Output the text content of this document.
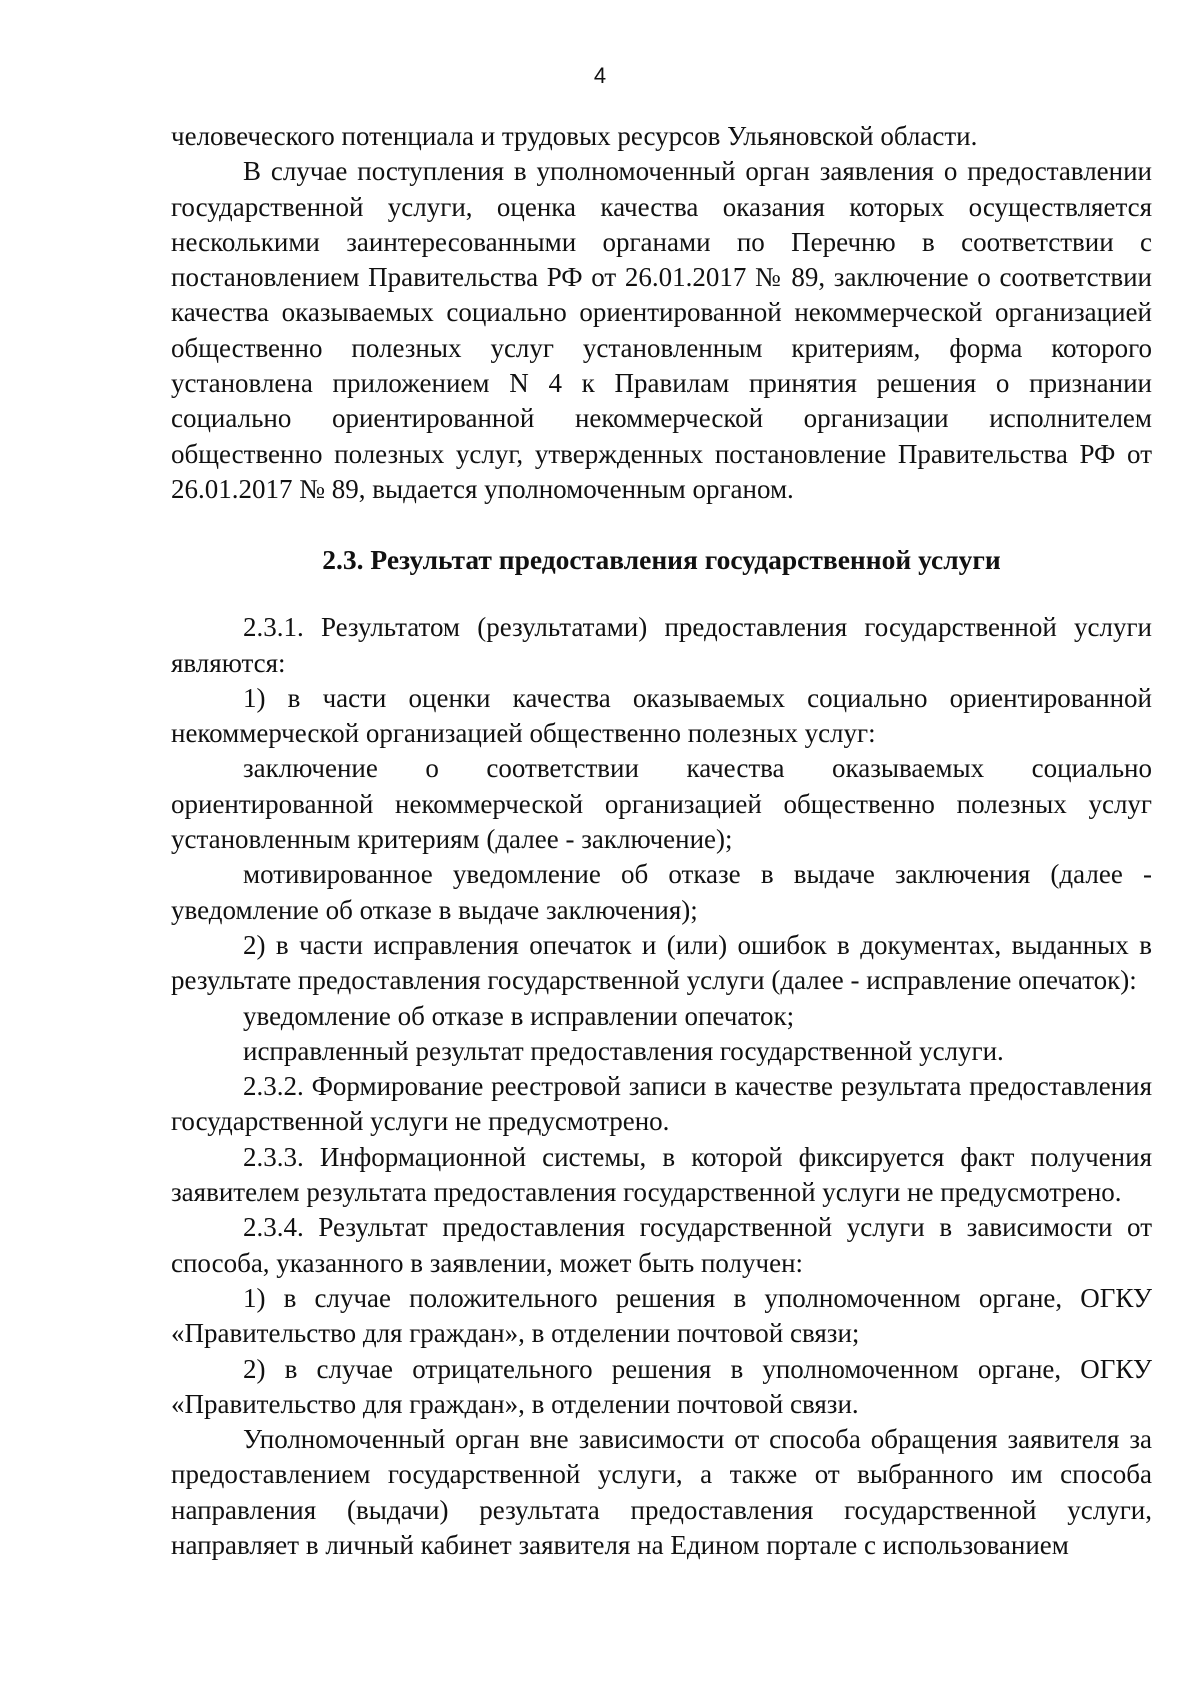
4

человеческого потенциала и трудовых ресурсов Ульяновской области.

В случае поступления в уполномоченный орган заявления о предоставлении государственной услуги, оценка качества оказания которых осуществляется несколькими заинтересованными органами по Перечню в соответствии с постановлением Правительства РФ от 26.01.2017 № 89, заключение о соответствии качества оказываемых социально ориентированной некоммерческой организацией общественно полезных услуг установленным критериям, форма которого установлена приложением N 4 к Правилам принятия решения о признании социально ориентированной некоммерческой организации исполнителем общественно полезных услуг, утвержденных постановление Правительства РФ от 26.01.2017 № 89, выдается уполномоченным органом.

2.3. Результат предоставления государственной услуги

2.3.1. Результатом (результатами) предоставления государственной услуги являются:

1) в части оценки качества оказываемых социально ориентированной некоммерческой организацией общественно полезных услуг:

заключение о соответствии качества оказываемых социально ориентированной некоммерческой организацией общественно полезных услуг установленным критериям (далее - заключение);

мотивированное уведомление об отказе в выдаче заключения (далее - уведомление об отказе в выдаче заключения);

2) в части исправления опечаток и (или) ошибок в документах, выданных в результате предоставления государственной услуги (далее - исправление опечаток):

уведомление об отказе в исправлении опечаток;

исправленный результат предоставления государственной услуги.

2.3.2. Формирование реестровой записи в качестве результата предоставления государственной услуги не предусмотрено.

2.3.3. Информационной системы, в которой фиксируется факт получения заявителем результата предоставления государственной услуги не предусмотрено.

2.3.4. Результат предоставления государственной услуги в зависимости от способа, указанного в заявлении, может быть получен:

1) в случае положительного решения в уполномоченном органе, ОГКУ «Правительство для граждан», в отделении почтовой связи;

2) в случае отрицательного решения в уполномоченном органе, ОГКУ «Правительство для граждан», в отделении почтовой связи.

Уполномоченный орган вне зависимости от способа обращения заявителя за предоставлением государственной услуги, а также от выбранного им способа направления (выдачи) результата предоставления государственной услуги, направляет в личный кабинет заявителя на Едином портале с использованием
